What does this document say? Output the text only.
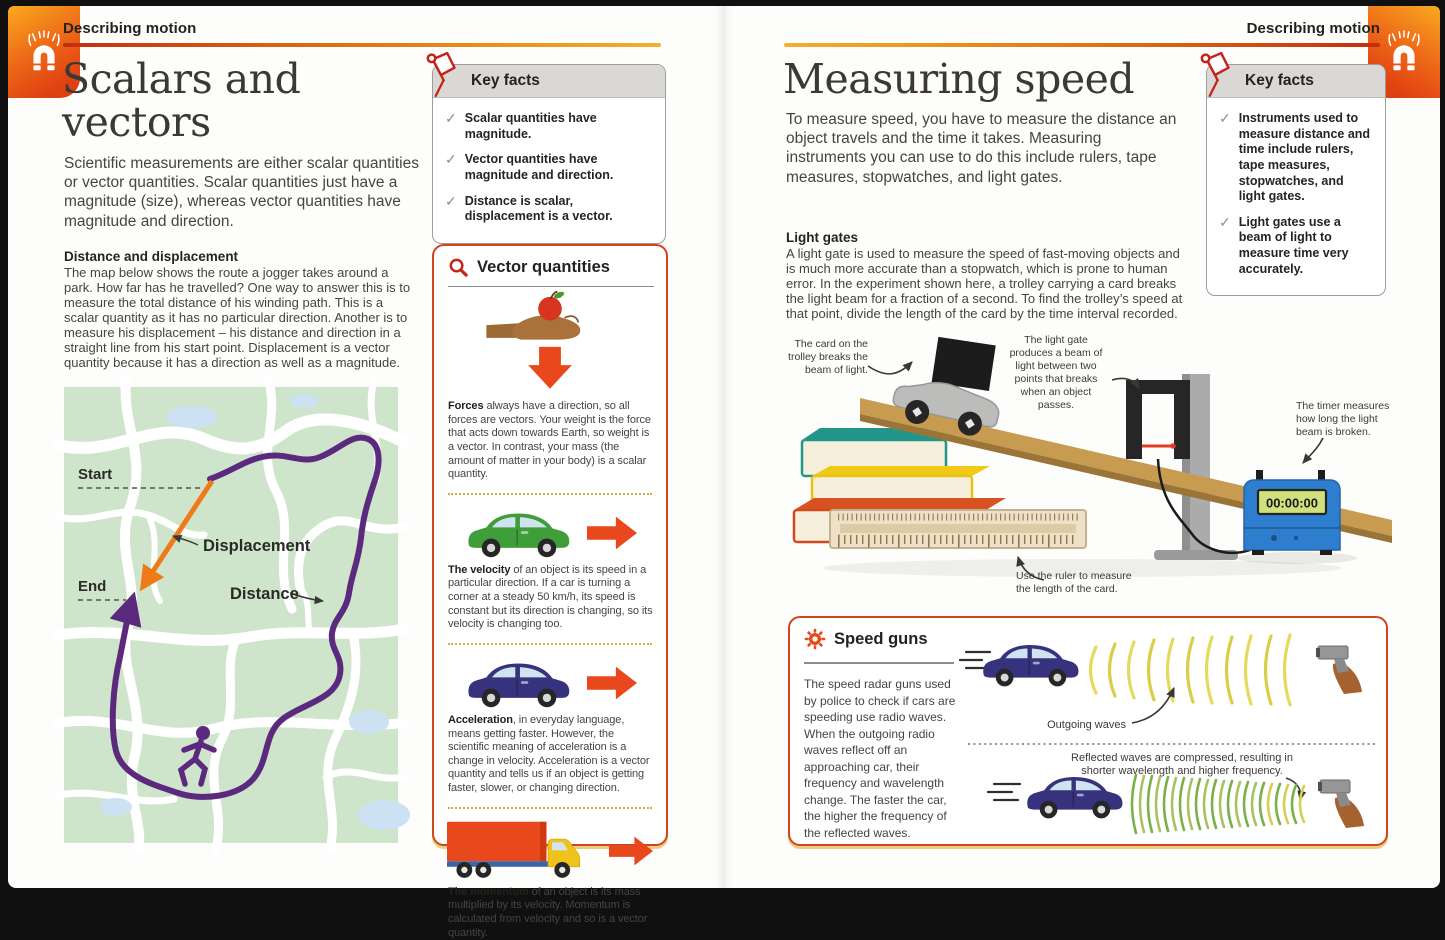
Describing motion
Scalars and vectors
Scientific measurements are either scalar quantities or vector quantities. Scalar quantities just have a magnitude (size), whereas vector quantities have magnitude and direction.
Distance and displacement
The map below shows the route a jogger takes around a park. How far has he travelled? One way to answer this is to measure the total distance of his winding path. This is a scalar quantity as it has no particular direction. Another is to measure his displacement – his distance and direction in a straight line from his start point. Displacement is a vector quantity because it has a direction as well as a magnitude.
Start
End
Displacement
Distance
Key facts
✓ Scalar quantities have magnitude.
✓ Vector quantities have magnitude and direction.
✓ Distance is scalar, displacement is a vector.
Vector quantities
Forces always have a direction, so all forces are vectors. Your weight is the force that acts down towards Earth, so weight is a vector. In contrast, your mass (the amount of matter in your body) is a scalar quantity.
The velocity of an object is its speed in a particular direction. If a car is turning a corner at a steady 50 km/h, its speed is constant but its direction is changing, so its velocity is changing too.
Acceleration, in everyday language, means getting faster. However, the scientific meaning of acceleration is a change in velocity. Acceleration is a vector quantity and tells us if an object is getting faster, slower, or changing direction.
The momentum of an object is its mass multiplied by its velocity. Momentum is calculated from velocity and so is a vector quantity.
Describing motion
Measuring speed
To measure speed, you have to measure the distance an object travels and the time it takes. Measuring instruments you can use to do this include rulers, tape measures, stopwatches, and light gates.
Key facts
✓ Instruments used to measure distance and time include rulers, tape measures, stopwatches, and light gates.
✓ Light gates use a beam of light to measure time very accurately.
Light gates
A light gate is used to measure the speed of fast-moving objects and is much more accurate than a stopwatch, which is prone to human error. In the experiment shown here, a trolley carrying a card breaks the light beam for a fraction of a second. To find the trolley’s speed at that point, divide the length of the card by the time interval recorded.
00:00:00
The card on the trolley breaks the beam of light.
The light gate produces a beam of light between two points that breaks when an object passes.	The timer measures how long the light beam is broken.
Use the ruler to measure the length of the card.
Speed guns
The speed radar guns used by police to check if cars are speeding use radio waves. When the outgoing radio waves reflect off an approaching car, their frequency and wavelength change. The faster the car, the higher the frequency of the reflected waves.
Outgoing waves
Reflected waves are compressed, resulting in
shorter wavelength and higher frequency.
